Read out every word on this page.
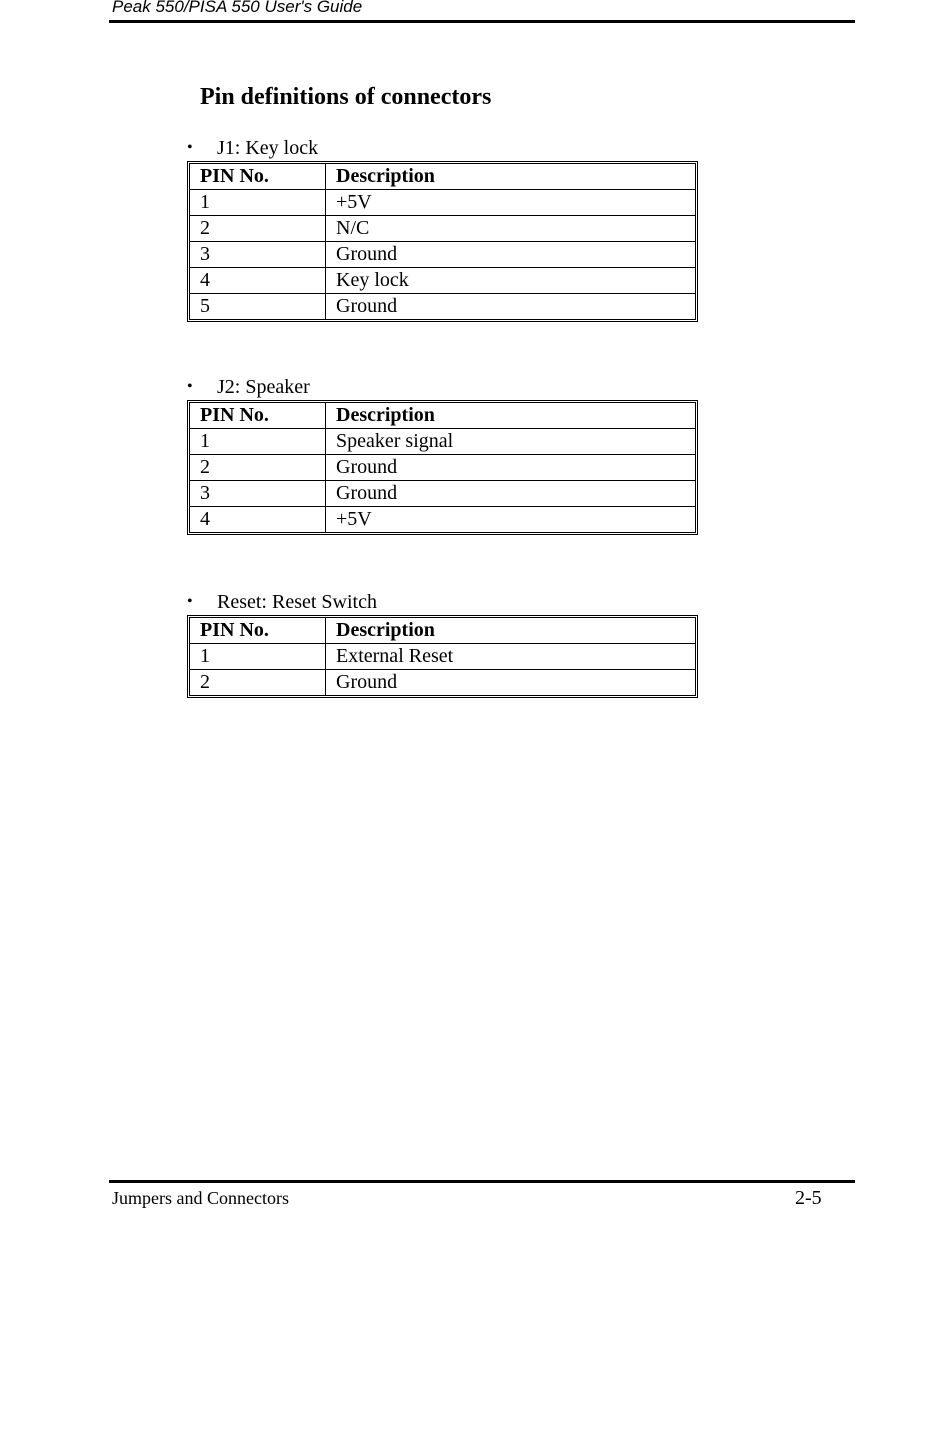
Peak 550/PISA 550 User's Guide
Pin definitions of connectors
• J1: Key lock
PIN No.	Description
1	+5V
2	N/C
3	Ground
4	Key lock
5	Ground
• J2: Speaker
PIN No.	Description
1	Speaker signal
2	Ground
3	Ground
4	+5V
• Reset: Reset Switch
PIN No.	Description
1	External Reset
2	Ground
Jumpers and Connectors	2-5
